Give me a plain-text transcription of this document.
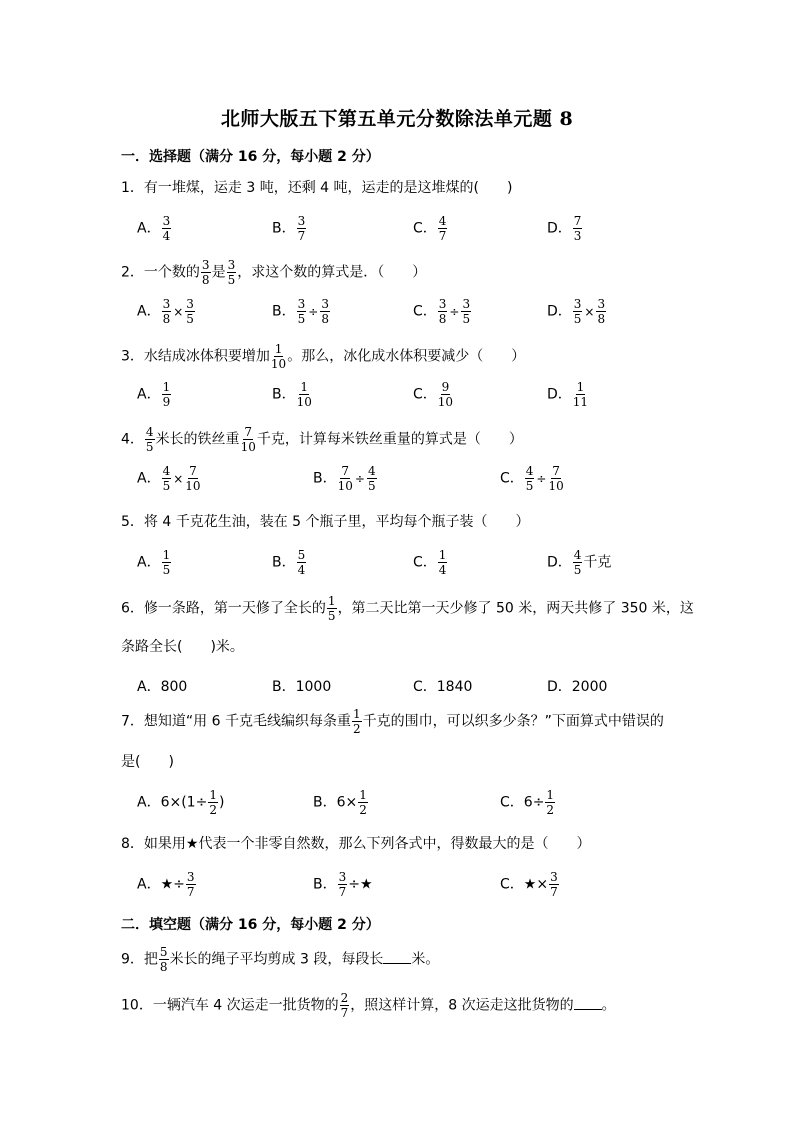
北师大版五下第五单元分数除法单元题 8
一．选择题（满分 16 分，每小题 2 分）
1．有一堆煤，运走 3 吨，还剩 4 吨，运走的是这堆煤的( )
A． $\frac{3}{4}$	B． $\frac{3}{7}$	C． $\frac{4}{7}$	D． $\frac{7}{3}$
2．一个数的 $\frac{3}{8}$ 是 $\frac{3}{5}$ ，求这个数的算式是．（　　）
A． $\frac{3}{8} \times \frac{3}{5}$	B． $\frac{3}{5} \div \frac{3}{8}$	C． $\frac{3}{8} \div \frac{3}{5}$	D． $\frac{3}{5} \times \frac{3}{8}$
3．水结成冰体积要增加 $\frac{1}{10}$ 。那么，冰化成水体积要减少（　　）
A． $\frac{1}{9}$	B． $\frac{1}{10}$	C． $\frac{9}{10}$	D． $\frac{1}{11}$
4． $\frac{4}{5}$ 米长的铁丝重 $\frac{7}{10}$ 千克，计算每米铁丝重量的算式是（　　）
A． $\frac{4}{5} \times \frac{7}{10}$	B． $\frac{7}{10} \div \frac{4}{5}$	C． $\frac{4}{5} \div \frac{7}{10}$
5．将 4 千克花生油，装在 5 个瓶子里，平均每个瓶子装（　　）
A． $\frac{1}{5}$	B． $\frac{5}{4}$	C． $\frac{1}{4}$	D． $\frac{4}{5}$ 千克
6．修一条路，第一天修了全长的 $\frac{1}{5}$ ，第二天比第一天少修了 50 米，两天共修了 350 米，这
条路全长(　　)米。
A．800	B．1000	C．1840	D．2000
7．想知道“用 6 千克毛线编织每条重 $\frac{1}{2}$ 千克的围巾，可以织多少条？”下面算式中错误的
是(　　)
A．$6\times(1\div \frac{1}{2}$ )	B．$6\times \frac{1}{2}$	C．$6\div \frac{1}{2}$
8．如果用★代表一个非零自然数，那么下列各式中，得数最大的是（　　）
A．★÷ $\frac{3}{7}$	B． $\frac{3}{7}$ ÷★	C．★× $\frac{3}{7}$
二．填空题（满分 16 分，每小题 2 分）
9．把 $\frac{5}{8}$ 米长的绳子平均剪成 3 段，每段长 米。
10．一辆汽车 4 次运走一批货物的 $\frac{2}{7}$ ，照这样计算，8 次运走这批货物的 。
